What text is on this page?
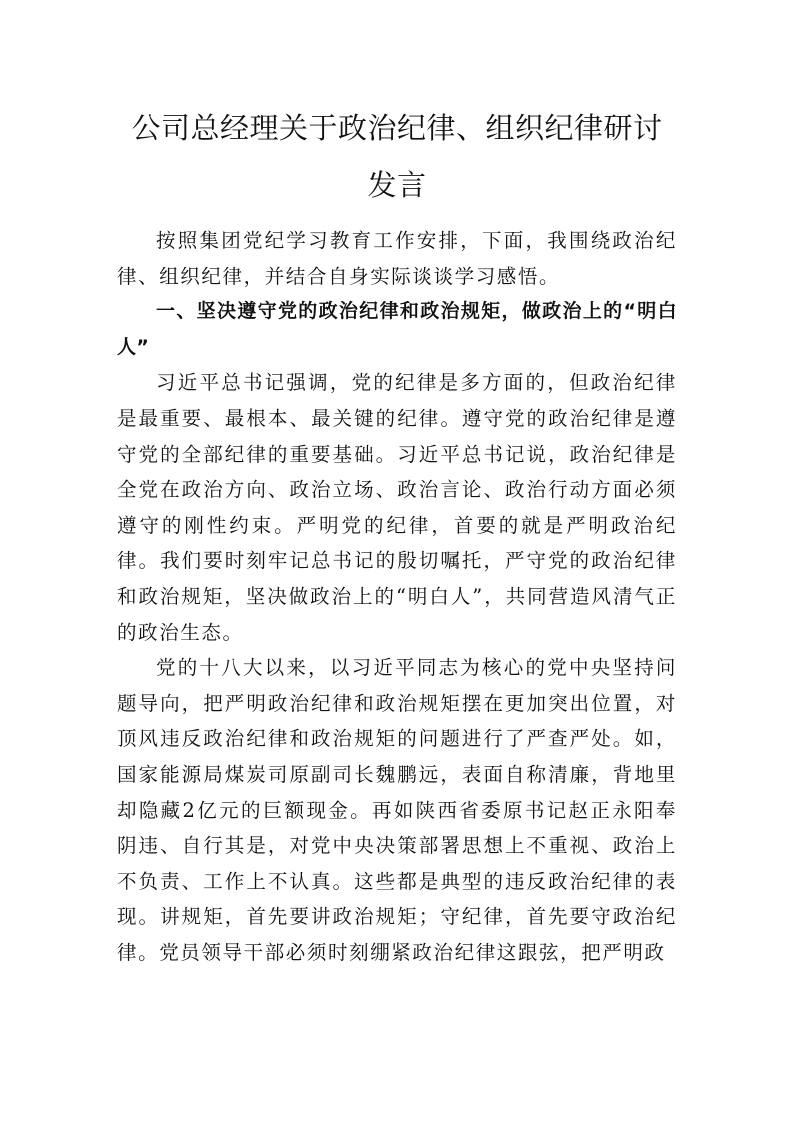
公司总经理关于政治纪律、组织纪律研讨发言

按照集团党纪学习教育工作安排，下面，我围绕政治纪律、组织纪律，并结合自身实际谈谈学习感悟。

一、坚决遵守党的政治纪律和政治规矩，做政治上的“明白人”

习近平总书记强调，党的纪律是多方面的，但政治纪律是最重要、最根本、最关键的纪律。遵守党的政治纪律是遵守党的全部纪律的重要基础。习近平总书记说，政治纪律是全党在政治方向、政治立场、政治言论、政治行动方面必须遵守的刚性约束。严明党的纪律，首要的就是严明政治纪律。我们要时刻牢记总书记的殷切嘱托，严守党的政治纪律和政治规矩，坚决做政治上的“明白人”，共同营造风清气正的政治生态。

党的十八大以来，以习近平同志为核心的党中央坚持问题导向，把严明政治纪律和政治规矩摆在更加突出位置，对顶风违反政治纪律和政治规矩的问题进行了严查严处。如，国家能源局煤炭司原副司长魏鹏远，表面自称清廉，背地里却隐藏2亿元的巨额现金。再如陕西省委原书记赵正永阳奉阴违、自行其是，对党中央决策部署思想上不重视、政治上不负责、工作上不认真。这些都是典型的违反政治纪律的表现。讲规矩，首先要讲政治规矩；守纪律，首先要守政治纪律。党员领导干部必须时刻绷紧政治纪律这跟弦，把严明政
